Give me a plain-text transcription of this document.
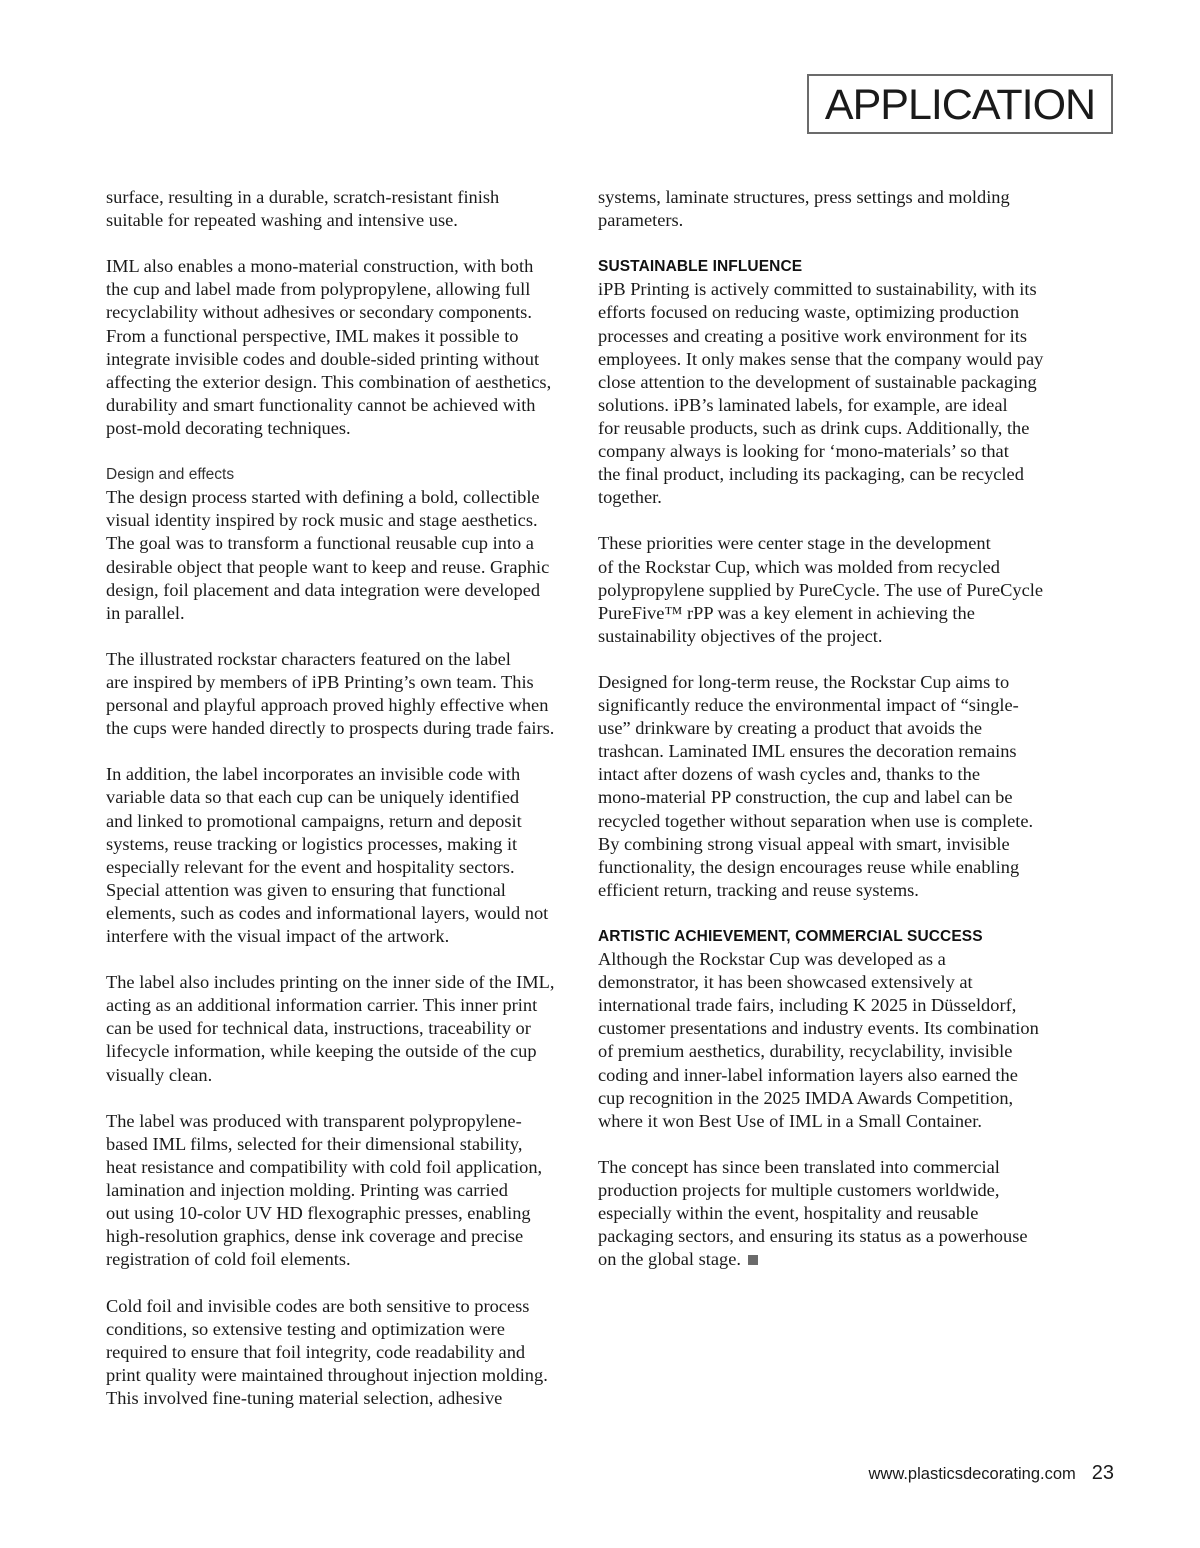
APPLICATION

surface, resulting in a durable, scratch-resistant finish
suitable for repeated washing and intensive use.

IML also enables a mono-material construction, with both
the cup and label made from polypropylene, allowing full
recyclability without adhesives or secondary components.
From a functional perspective, IML makes it possible to
integrate invisible codes and double-sided printing without
affecting the exterior design. This combination of aesthetics,
durability and smart functionality cannot be achieved with
post-mold decorating techniques.

Design and effects

The design process started with defining a bold, collectible
visual identity inspired by rock music and stage aesthetics.
The goal was to transform a functional reusable cup into a
desirable object that people want to keep and reuse. Graphic
design, foil placement and data integration were developed
in parallel.

The illustrated rockstar characters featured on the label
are inspired by members of iPB Printing’s own team. This
personal and playful approach proved highly effective when
the cups were handed directly to prospects during trade fairs.

In addition, the label incorporates an invisible code with
variable data so that each cup can be uniquely identified
and linked to promotional campaigns, return and deposit
systems, reuse tracking or logistics processes, making it
especially relevant for the event and hospitality sectors.
Special attention was given to ensuring that functional
elements, such as codes and informational layers, would not
interfere with the visual impact of the artwork.

The label also includes printing on the inner side of the IML,
acting as an additional information carrier. This inner print
can be used for technical data, instructions, traceability or
lifecycle information, while keeping the outside of the cup
visually clean.

The label was produced with transparent polypropylene-
based IML films, selected for their dimensional stability,
heat resistance and compatibility with cold foil application,
lamination and injection molding. Printing was carried
out using 10-color UV HD flexographic presses, enabling
high-resolution graphics, dense ink coverage and precise
registration of cold foil elements.

Cold foil and invisible codes are both sensitive to process
conditions, so extensive testing and optimization were
required to ensure that foil integrity, code readability and
print quality were maintained throughout injection molding.
This involved fine-tuning material selection, adhesive

systems, laminate structures, press settings and molding
parameters.

SUSTAINABLE INFLUENCE

iPB Printing is actively committed to sustainability, with its
efforts focused on reducing waste, optimizing production
processes and creating a positive work environment for its
employees. It only makes sense that the company would pay
close attention to the development of sustainable packaging
solutions. iPB’s laminated labels, for example, are ideal
for reusable products, such as drink cups. Additionally, the
company always is looking for ‘mono-materials’ so that
the final product, including its packaging, can be recycled
together.

These priorities were center stage in the development
of the Rockstar Cup, which was molded from recycled
polypropylene supplied by PureCycle. The use of PureCycle
PureFive™ rPP was a key element in achieving the
sustainability objectives of the project.

Designed for long-term reuse, the Rockstar Cup aims to
significantly reduce the environmental impact of “single-
use” drinkware by creating a product that avoids the
trashcan. Laminated IML ensures the decoration remains
intact after dozens of wash cycles and, thanks to the
mono-material PP construction, the cup and label can be
recycled together without separation when use is complete.
By combining strong visual appeal with smart, invisible
functionality, the design encourages reuse while enabling
efficient return, tracking and reuse systems.

ARTISTIC ACHIEVEMENT, COMMERCIAL SUCCESS

Although the Rockstar Cup was developed as a
demonstrator, it has been showcased extensively at
international trade fairs, including K 2025 in Düsseldorf,
customer presentations and industry events. Its combination
of premium aesthetics, durability, recyclability, invisible
coding and inner-label information layers also earned the
cup recognition in the 2025 IMDA Awards Competition,
where it won Best Use of IML in a Small Container.

The concept has since been translated into commercial
production projects for multiple customers worldwide,
especially within the event, hospitality and reusable
packaging sectors, and ensuring its status as a powerhouse
on the global stage.

www.plasticsdecorating.com 23
